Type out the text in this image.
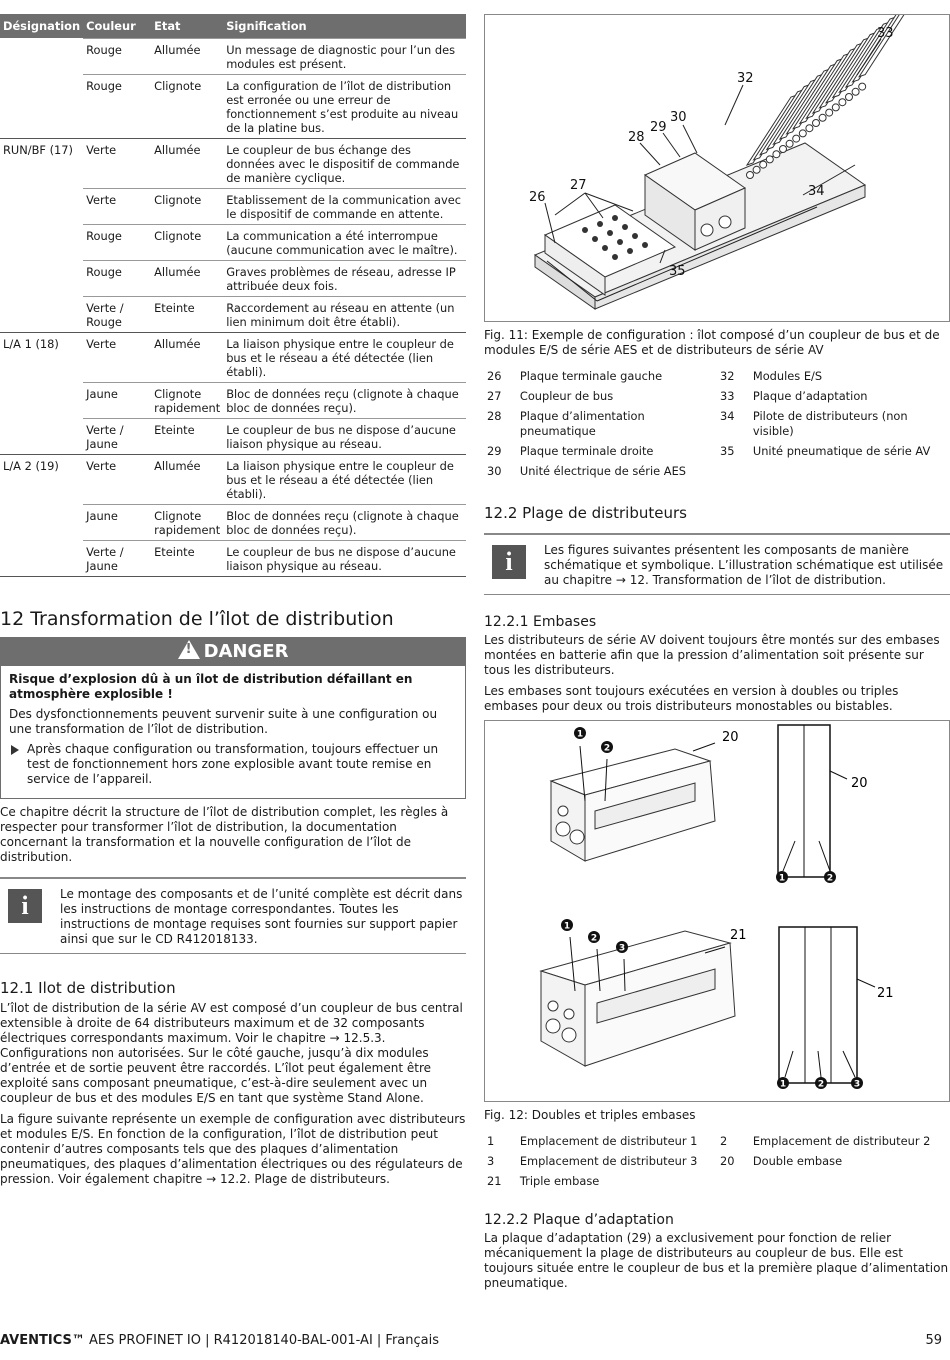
Désignation	Couleur	Etat	Signification
	Rouge	Allumée	Un message de diagnostic pour l’un des modules est présent.
	Rouge	Clignote	La configuration de l’îlot de distribution est erronée ou une erreur de fonctionnement s’est produite au niveau de la platine bus.
RUN/BF (17)	Verte	Allumée	Le coupleur de bus échange des données avec le dispositif de commande de manière cyclique.
	Verte	Clignote	Etablissement de la communication avec le dispositif de commande en attente.
	Rouge	Clignote	La communication a été interrompue (aucune communication avec le maître).
	Rouge	Allumée	Graves problèmes de réseau, adresse IP attribuée deux fois.
	Verte / Rouge	Eteinte	Raccordement au réseau en attente (un lien minimum doit être établi).
L/A 1 (18)	Verte	Allumée	La liaison physique entre le coupleur de bus et le réseau a été détectée (lien établi).
	Jaune	Clignote rapidement	Bloc de données reçu (clignote à chaque bloc de données reçu).
	Verte / Jaune	Eteinte	Le coupleur de bus ne dispose d’aucune liaison physique au réseau.
L/A 2 (19)	Verte	Allumée	La liaison physique entre le coupleur de bus et le réseau a été détectée (lien établi).
	Jaune	Clignote rapidement	Bloc de données reçu (clignote à chaque bloc de données reçu).
	Verte / Jaune	Eteinte	Le coupleur de bus ne dispose d’aucune liaison physique au réseau.
12 Transformation de l’îlot de distribution
!DANGER

Risque d’explosion dû à un îlot de distribution défaillant en atmosphère explosible !

Des dysfonctionnements peuvent survenir suite à une configuration ou une transformation de l’îlot de distribution.

Après chaque configuration ou transformation, toujours effectuer un test de fonctionnement hors zone explosible avant toute remise en service de l’appareil.

Ce chapitre décrit la structure de l’îlot de distribution complet, les règles à respecter pour transformer l’îlot de distribution, la documentation concernant la transformation et la nouvelle configuration de l’îlot de distribution.

i	Le montage des composants et de l’unité complète est décrit dans les instructions de montage correspondantes. Toutes les instructions de montage requises sont fournies sur support papier ainsi que sur le CD R412018133.
12.1 Ilot de distribution

L’îlot de distribution de la série AV est composé d’un coupleur de bus central extensible à droite de 64 distributeurs maximum et de 32 composants électriques correspondants maximum. Voir le chapitre → 12.5.3. Configurations non autorisées. Sur le côté gauche, jusqu’à dix modules d’entrée et de sortie peuvent être raccordés. L’îlot peut également être exploité sans composant pneumatique, c’est-à-dire seulement avec un coupleur de bus et des modules E/S en tant que système Stand Alone.

La figure suivante représente un exemple de configuration avec distributeurs et modules E/S. En fonction de la configuration, l’îlot de distribution peut contenir d’autres composants tels que des plaques d’alimentation pneumatiques, des plaques d’alimentation électriques ou des régulateurs de pression. Voir également chapitre → 12.2. Plage de distributeurs.

26
27
28
29
30
32
33
34
35

Fig. 11: Exemple de configuration : îlot composé d’un coupleur de bus et de modules E/S de série AES et de distributeurs de série AV

26	Plaque terminale gauche	32	Modules E/S
27	Coupleur de bus	33	Plaque d’adaptation
28	Plaque d’alimentation pneumatique	34	Pilote de distributeurs (non visible)
29	Plaque terminale droite	35	Unité pneumatique de série AV
30	Unité électrique de série AES		
12.2 Plage de distributeurs
i	Les figures suivantes présentent les composants de manière schématique et symbolique. L’illustration schématique est utilisée au chapitre → 12. Transformation de l’îlot de distribution.
12.2.1 Embases

Les distributeurs de série AV doivent toujours être montés sur des embases montées en batterie afin que la pression d’alimentation soit présente sur tous les distributeurs.

Les embases sont toujours exécutées en version à doubles ou triples embases pour deux ou trois distributeurs monostables ou bistables.

20
20
1
2
1	2
21
21
1
2
3
1	2	3

Fig. 12: Doubles et triples embases

1	Emplacement de distributeur 1	2	Emplacement de distributeur 2
3	Emplacement de distributeur 3	20	Double embase
21	Triple embase		
12.2.2 Plaque d’adaptation

La plaque d’adaptation (29) a exclusivement pour fonction de relier mécaniquement la plage de distributeurs au coupleur de bus. Elle est toujours située entre le coupleur de bus et la première plaque d’alimentation pneumatique.

AVENTICS™ AES PROFINET IO | R412018140-BAL-001-AI | Français	59
